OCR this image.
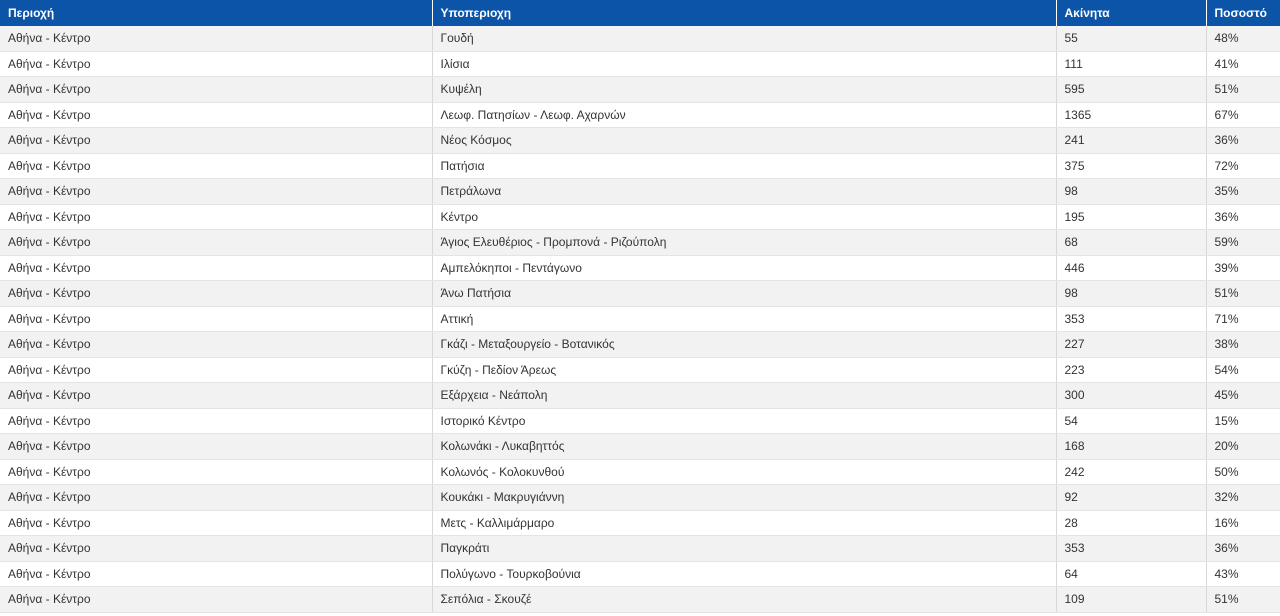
Περιοχή	Υποπεριοχη	Ακίνητα	Ποσοστό
Αθήνα - Κέντρο	Γουδή	55	48%
Αθήνα - Κέντρο	Ιλίσια	111	41%
Αθήνα - Κέντρο	Κυψέλη	595	51%
Αθήνα - Κέντρο	Λεωφ. Πατησίων - Λεωφ. Αχαρνών	1365	67%
Αθήνα - Κέντρο	Νέος Κόσμος	241	36%
Αθήνα - Κέντρο	Πατήσια	375	72%
Αθήνα - Κέντρο	Πετράλωνα	98	35%
Αθήνα - Κέντρο	Κέντρο	195	36%
Αθήνα - Κέντρο	Άγιος Ελευθέριος - Προμπονά - Ριζούπολη	68	59%
Αθήνα - Κέντρο	Αμπελόκηποι - Πεντάγωνο	446	39%
Αθήνα - Κέντρο	Άνω Πατήσια	98	51%
Αθήνα - Κέντρο	Αττική	353	71%
Αθήνα - Κέντρο	Γκάζι - Μεταξουργείο - Βοτανικός	227	38%
Αθήνα - Κέντρο	Γκύζη - Πεδίον Άρεως	223	54%
Αθήνα - Κέντρο	Εξάρχεια - Νεάπολη	300	45%
Αθήνα - Κέντρο	Ιστορικό Κέντρο	54	15%
Αθήνα - Κέντρο	Κολωνάκι - Λυκαβηττός	168	20%
Αθήνα - Κέντρο	Κολωνός - Κολοκυνθού	242	50%
Αθήνα - Κέντρο	Κουκάκι - Μακρυγιάννη	92	32%
Αθήνα - Κέντρο	Μετς - Καλλιμάρμαρο	28	16%
Αθήνα - Κέντρο	Παγκράτι	353	36%
Αθήνα - Κέντρο	Πολύγωνο - Τουρκοβούνια	64	43%
Αθήνα - Κέντρο	Σεπόλια - Σκουζέ	109	51%
